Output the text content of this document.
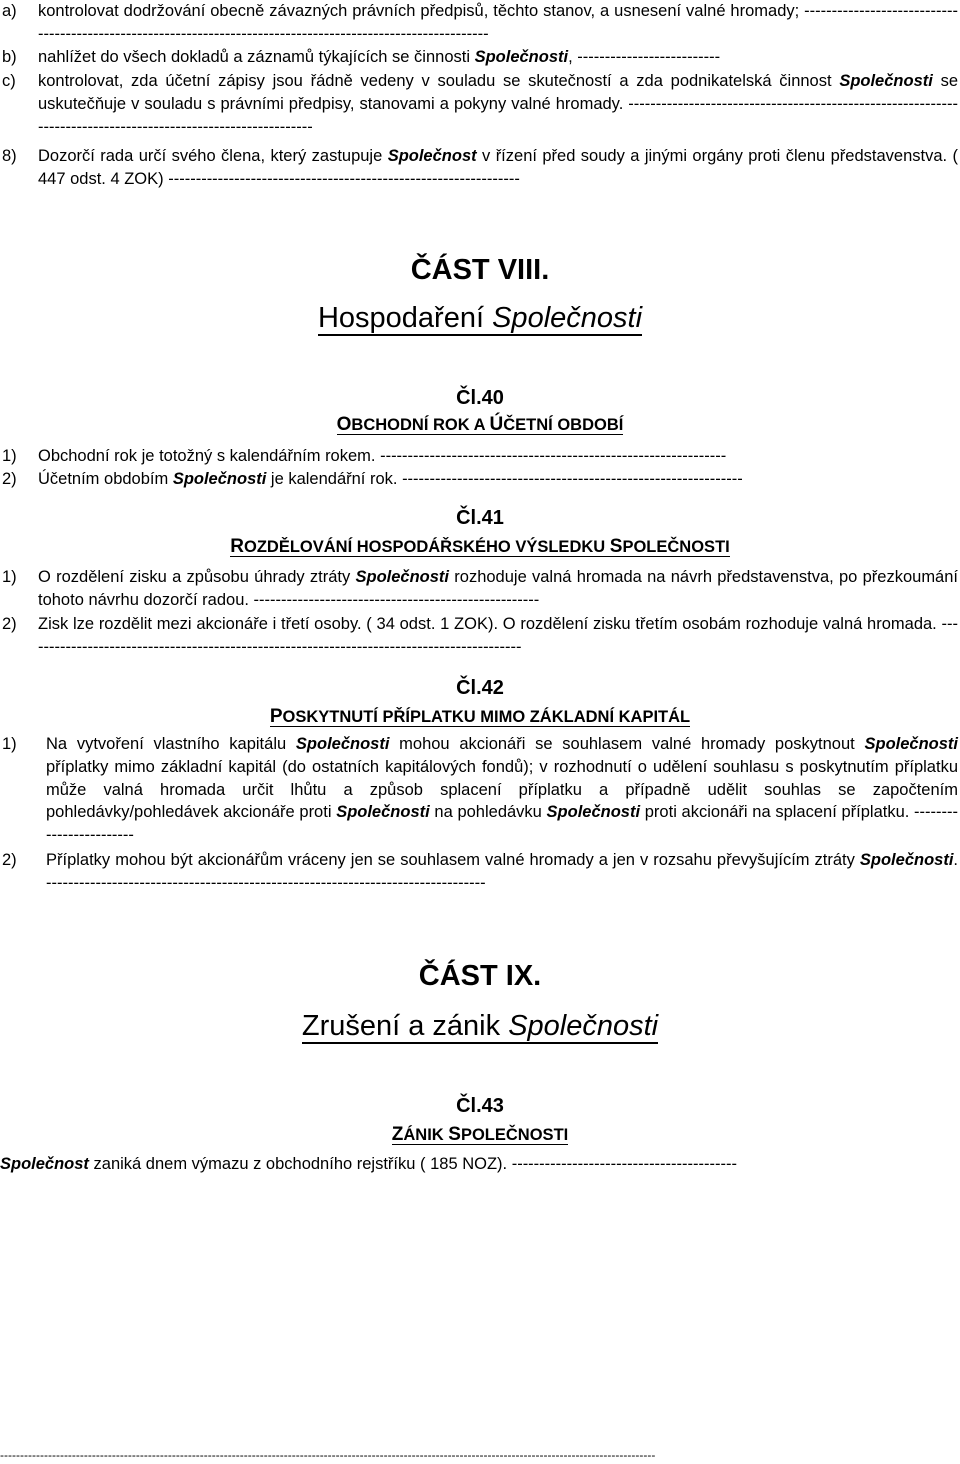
a)	kontrolovat dodržování obecně závazných právních předpisů, těchto stanov, a usnesení valné hromady; --------------------------------------------------------------------------------------------------------------
b)	nahlížet do všech dokladů a záznamů týkajících se činnosti Společnosti, --------------------------
c)	kontrolovat, zda účetní zápisy jsou řádně vedeny v souladu se skutečností a zda podnikatelská činnost Společnosti se uskutečňuje v souladu s právními předpisy, stanovami a pokyny valné hromady. --------------------------------------------------------------------------------------------------------------
8)	Dozorčí rada určí svého člena, který zastupuje Společnost v řízení před soudy a jinými orgány proti členu představenstva. ( 447 odst. 4 ZOK) ----------------------------------------------------------------
ČÁST VIII.
Hospodaření Společnosti
Čl.40
OBCHODNÍ ROK A ÚČETNÍ OBDOBÍ
1)	Obchodní rok je totožný s kalendářním rokem. ---------------------------------------------------------------
2)	Účetním obdobím Společnosti je kalendářní rok. --------------------------------------------------------------
Čl.41
ROZDĚLOVÁNÍ HOSPODÁŘSKÉHO VÝSLEDKU SPOLEČNOSTI
1)	O rozdělení zisku a způsobu úhrady ztráty Společnosti rozhoduje valná hromada na návrh představenstva, po přezkoumání tohoto návrhu dozorčí radou. ----------------------------------------------------
2)	Zisk lze rozdělit mezi akcionáře i třetí osoby. ( 34 odst. 1 ZOK). O rozdělení zisku třetím osobám rozhoduje valná hromada. -------------------------------------------------------------------------------------------
Čl.42
POSKYTNUTÍ PŘÍPLATKU MIMO ZÁKLADNÍ KAPITÁL
1)	Na vytvoření vlastního kapitálu Společnosti mohou akcionáři se souhlasem valné hromady poskytnout Společnosti příplatky mimo základní kapitál (do ostatních kapitálových fondů); v rozhodnutí o udělení souhlasu s poskytnutím příplatku může valná hromada určit lhůtu a způsob splacení příplatku a případně udělit souhlas se započtením pohledávky/pohledávek akcionáře proti Společnosti na pohledávku Společnosti proti akcionáři na splacení příplatku. ------------------------
2)	Příplatky mohou být akcionářům vráceny jen se souhlasem valné hromady a jen v rozsahu převyšujícím ztráty Společnosti. --------------------------------------------------------------------------------
ČÁST IX.
Zrušení a zánik Společnosti
Čl.43
ZÁNIK SPOLEČNOSTI
Společnost zaniká dnem výmazu z obchodního rejstříku ( 185 NOZ). -----------------------------------------
--------------------------------------------------------------------------------------------------------------------------------------------------------------------
